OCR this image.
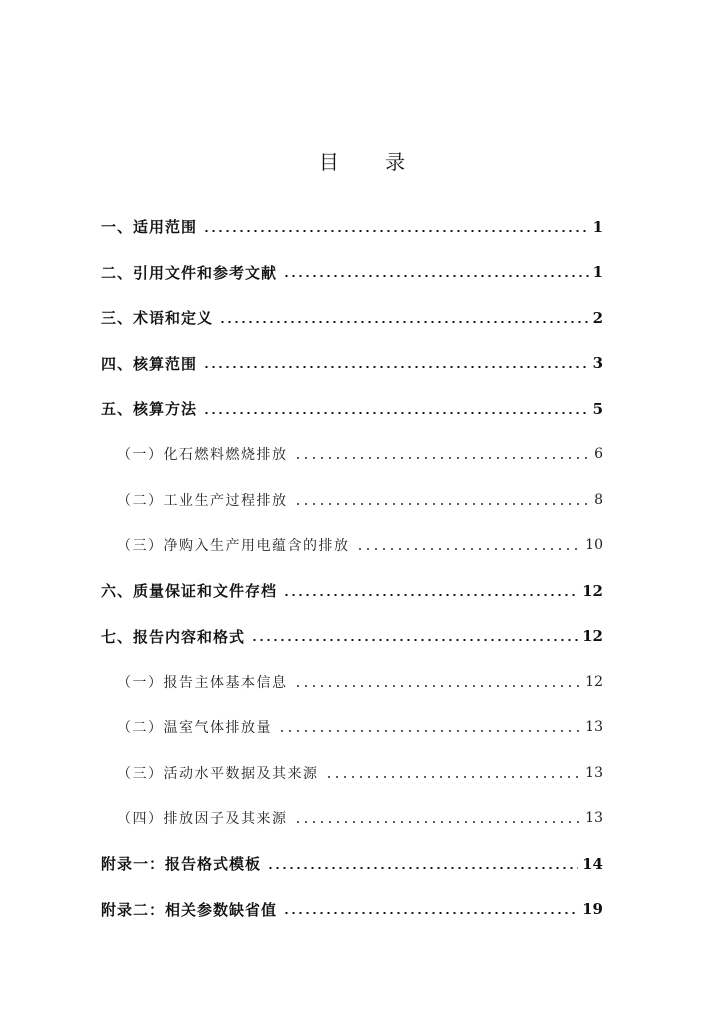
目 录
一、适用范围	1
二、引用文件和参考文献	1
三、术语和定义	2
四、核算范围	3
五、核算方法	5
（一）化石燃料燃烧排放	6
（二）工业生产过程排放	8
（三）净购入生产用电蕴含的排放	10
六、质量保证和文件存档	12
七、报告内容和格式	12
（一）报告主体基本信息	12
（二）温室气体排放量	13
（三）活动水平数据及其来源	13
（四）排放因子及其来源	13
附录一：报告格式模板	14
附录二：相关参数缺省值	19
